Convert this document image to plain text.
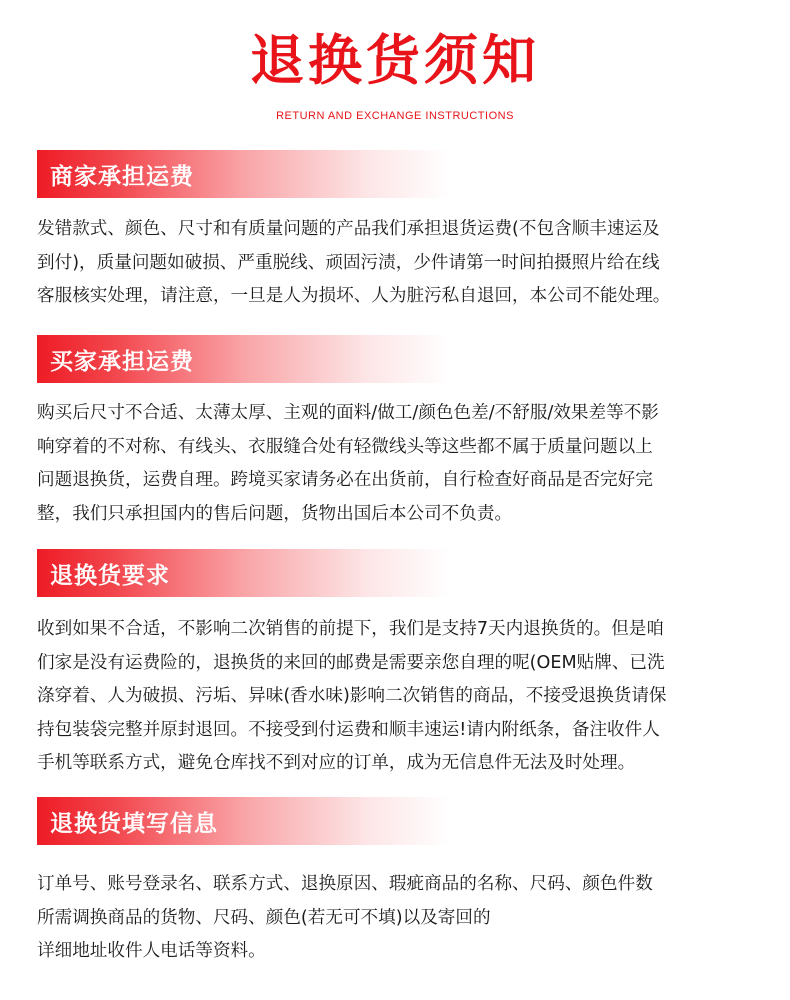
退换货须知

RETURN AND EXCHANGE INSTRUCTIONS

商家承担运费

发错款式、颜色、尺寸和有质量问题的产品我们承担退货运费(不包含顺丰速运及
到付)，质量问题如破损、严重脱线、顽固污渍，少件请第一时间拍摄照片给在线
客服核实处理，请注意，一旦是人为损坏、人为脏污私自退回，本公司不能处理。

买家承担运费

购买后尺寸不合适、太薄太厚、主观的面料/做工/颜色色差/不舒服/效果差等不影
响穿着的不对称、有线头、衣服缝合处有轻微线头等这些都不属于质量问题以上
问题退换货，运费自理。跨境买家请务必在出货前，自行检查好商品是否完好完
整，我们只承担国内的售后问题，货物出国后本公司不负责。

退换货要求

收到如果不合适，不影响二次销售的前提下，我们是支持7天内退换货的。但是咱
们家是没有运费险的，退换货的来回的邮费是需要亲您自理的呢(OEM贴牌、已洗
涤穿着、人为破损、污垢、异味(香水味)影响二次销售的商品，不接受退换货请保
持包装袋完整并原封退回。不接受到付运费和顺丰速运!请内附纸条，备注收件人
手机等联系方式，避免仓库找不到对应的订单，成为无信息件无法及时处理。

退换货填写信息

订单号、账号登录名、联系方式、退换原因、瑕疵商品的名称、尺码、颜色件数
所需调换商品的货物、尺码、颜色(若无可不填)以及寄回的
详细地址收件人电话等资料。
